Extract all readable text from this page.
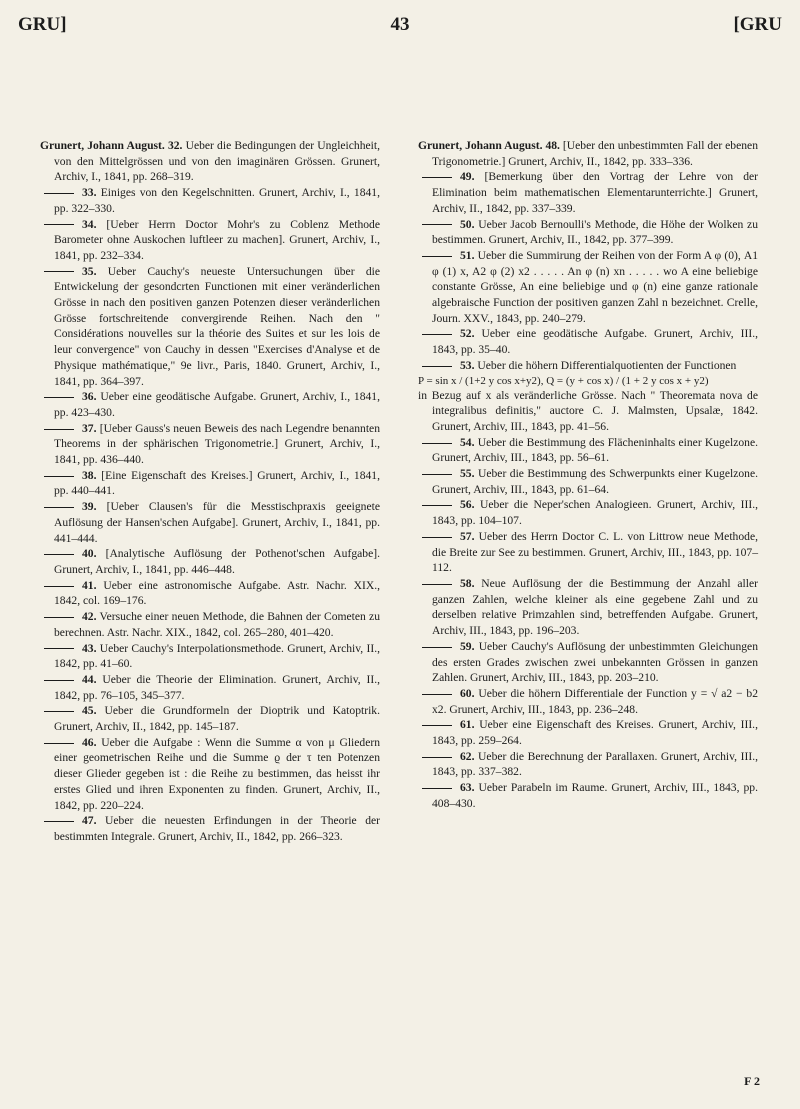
GRU]	43	[GRU

Grunert, Johann August. 32. Ueber die Bedingungen der Ungleichheit, von den Mittelgrössen und von den imaginären Grössen. Grunert, Archiv, I., 1841, pp. 268–319.

33. Einiges von den Kegelschnitten. Grunert, Archiv, I., 1841, pp. 322–330.

34. [Ueber Herrn Doctor Mohr's zu Coblenz Methode Barometer ohne Auskochen luftleer zu machen]. Grunert, Archiv, I., 1841, pp. 232–334.

35. Ueber Cauchy's neueste Untersuchungen über die Entwickelung der gesondcrten Functionen mit einer veränderlichen Grösse in nach den positiven ganzen Potenzen dieser veränderlichen Grösse fortschreitende convergirende Reihen. Nach den " Considérations nouvelles sur la théorie des Suites et sur les lois de leur convergence" von Cauchy in dessen "Exercises d'Analyse et de Physique mathématique," 9e livr., Paris, 1840. Grunert, Archiv, I., 1841, pp. 364–397.

36. Ueber eine geodätische Aufgabe. Grunert, Archiv, I., 1841, pp. 423–430.

37. [Ueber Gauss's neuen Beweis des nach Legendre benannten Theorems in der sphärischen Trigonometrie.] Grunert, Archiv, I., 1841, pp. 436–440.

38. [Eine Eigenschaft des Kreises.] Grunert, Archiv, I., 1841, pp. 440–441.

39. [Ueber Clausen's für die Messtischpraxis geeignete Auflösung der Hansen'schen Aufgabe]. Grunert, Archiv, I., 1841, pp. 441–444.

40. [Analytische Auflösung der Pothenot'schen Aufgabe]. Grunert, Archiv, I., 1841, pp. 446–448.

41. Ueber eine astronomische Aufgabe. Astr. Nachr. XIX., 1842, col. 169–176.

42. Versuche einer neuen Methode, die Bahnen der Cometen zu berechnen. Astr. Nachr. XIX., 1842, col. 265–280, 401–420.

43. Ueber Cauchy's Interpolationsmethode. Grunert, Archiv, II., 1842, pp. 41–60.

44. Ueber die Theorie der Elimination. Grunert, Archiv, II., 1842, pp. 76–105, 345–377.

45. Ueber die Grundformeln der Dioptrik und Katoptrik. Grunert, Archiv, II., 1842, pp. 145–187.

46. Ueber die Aufgabe : Wenn die Summe α von μ Gliedern einer geometrischen Reihe und die Summe ϱ der τ ten Potenzen dieser Glieder gegeben ist : die Reihe zu bestimmen, das heisst ihr erstes Glied und ihren Exponenten zu finden. Grunert, Archiv, II., 1842, pp. 220–224.

47. Ueber die neuesten Erfindungen in der Theorie der bestimmten Integrale. Grunert, Archiv, II., 1842, pp. 266–323.

Grunert, Johann August. 48. [Ueber den unbestimmten Fall der ebenen Trigonometrie.] Grunert, Archiv, II., 1842, pp. 333–336.

49. [Bemerkung über den Vortrag der Lehre von der Elimination beim mathematischen Elementarunterrichte.] Grunert, Archiv, II., 1842, pp. 337–339.

50. Ueber Jacob Bernoulli's Methode, die Höhe der Wolken zu bestimmen. Grunert, Archiv, II., 1842, pp. 377–399.

51. Ueber die Summirung der Reihen von der Form A φ (0), A1 φ (1) x, A2 φ (2) x2 . . . . . An φ (n) xn . . . . . wo A eine beliebige constante Grösse, An eine beliebige und φ (n) eine ganze rationale algebraische Function der positiven ganzen Zahl n bezeichnet. Crelle, Journ. XXV., 1843, pp. 240–279.

52. Ueber eine geodätische Aufgabe. Grunert, Archiv, III., 1843, pp. 35–40.

53. Ueber die höhern Differentialquotienten der Functionen

P = sin x / (1+2 y cos x+y2), Q = (y + cos x) / (1 + 2 y cos x + y2)

in Bezug auf x als veränderliche Grösse. Nach " Theoremata nova de integralibus definitis," auctore C. J. Malmsten, Upsalæ, 1842. Grunert, Archiv, III., 1843, pp. 41–56.

54. Ueber die Bestimmung des Flächeninhalts einer Kugelzone. Grunert, Archiv, III., 1843, pp. 56–61.

55. Ueber die Bestimmung des Schwerpunkts einer Kugelzone. Grunert, Archiv, III., 1843, pp. 61–64.

56. Ueber die Neper'schen Analogieen. Grunert, Archiv, III., 1843, pp. 104–107.

57. Ueber des Herrn Doctor C. L. von Littrow neue Methode, die Breite zur See zu bestimmen. Grunert, Archiv, III., 1843, pp. 107–112.

58. Neue Auflösung der die Bestimmung der Anzahl aller ganzen Zahlen, welche kleiner als eine gegebene Zahl und zu derselben relative Primzahlen sind, betreffenden Aufgabe. Grunert, Archiv, III., 1843, pp. 196–203.

59. Ueber Cauchy's Auflösung der unbestimmten Gleichungen des ersten Grades zwischen zwei unbekannten Grössen in ganzen Zahlen. Grunert, Archiv, III., 1843, pp. 203–210.

60. Ueber die höhern Differentiale der Function y = √ a2 − b2 x2. Grunert, Archiv, III., 1843, pp. 236–248.

61. Ueber eine Eigenschaft des Kreises. Grunert, Archiv, III., 1843, pp. 259–264.

62. Ueber die Berechnung der Parallaxen. Grunert, Archiv, III., 1843, pp. 337–382.

63. Ueber Parabeln im Raume. Grunert, Archiv, III., 1843, pp. 408–430.

F 2
